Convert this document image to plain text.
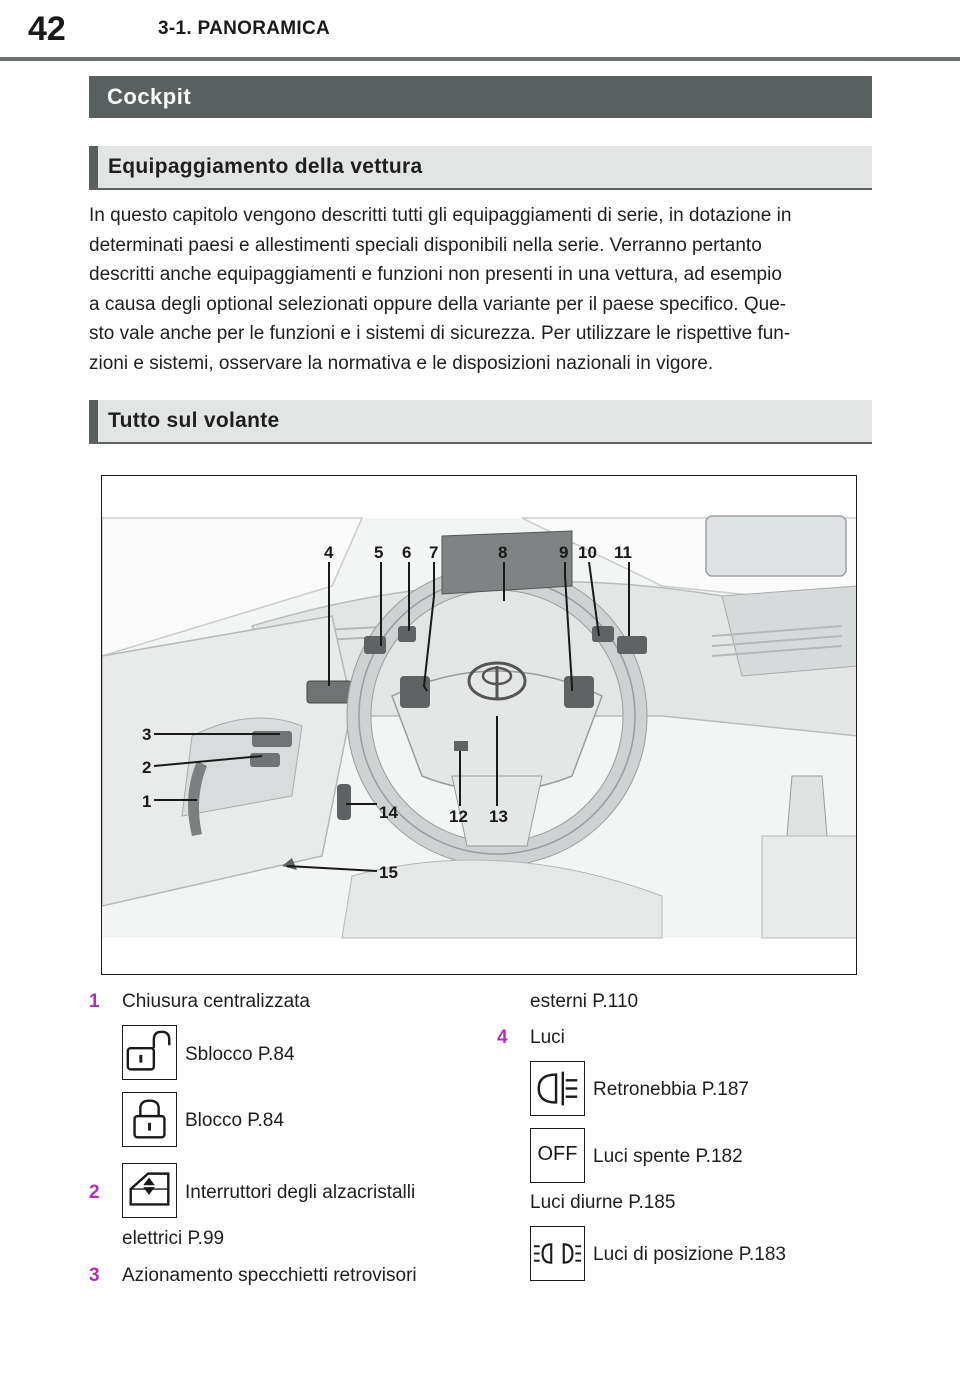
42	3-1. PANORAMICA
Cockpit
Equipaggiamento della vettura

In questo capitolo vengono descritti tutti gli equipaggiamenti di serie, in dotazione in

determinati paesi e allestimenti speciali disponibili nella serie. Verranno pertanto

descritti anche equipaggiamenti e funzioni non presenti in una vettura, ad esempio

a causa degli optional selezionati oppure della variante per il paese specifico. Que-

sto vale anche per le funzioni e i sistemi di sicurezza. Per utilizzare le rispettive fun-

zioni e sistemi, osservare la normativa e le disposizioni nazionali in vigore.

Tutto sul volante
4 5 6 7	8	9 10 11
3
2
1
14	12 13
15
1 Chiusura centralizzata
Sblocco P.84
Blocco P.84
2	Interruttori degli alzacristalli
elettrici P.99
3 Azionamento specchietti retrovisori
esterni P.110
4 Luci
Retronebbia P.187
OFF Luci spente P.182
Luci diurne P.185
Luci di posizione P.183
